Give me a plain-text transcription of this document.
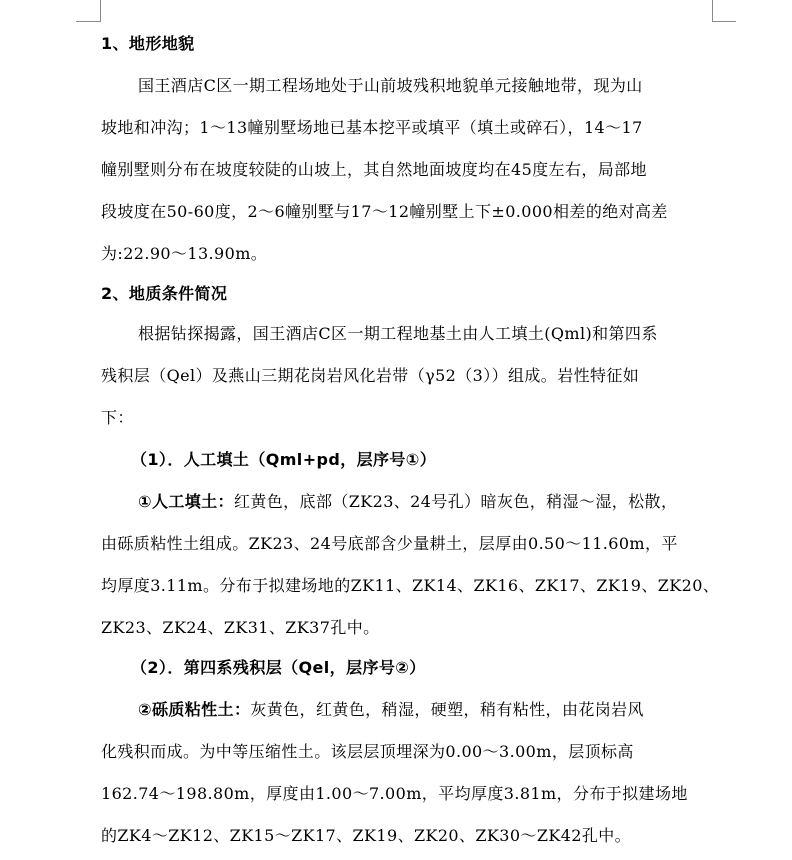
1、地形地貌
国王酒店C区一期工程场地处于山前坡残积地貌单元接触地带，现为山
坡地和冲沟；1～13幢别墅场地已基本挖平或填平（填土或碎石），14～17
幢别墅则分布在坡度较陡的山坡上，其自然地面坡度均在45度左右，局部地
段坡度在50-60度，2～6幢别墅与17～12幢别墅上下±0.000相差的绝对高差
为:22.90～13.90m。
2、地质条件简况
根据钻探揭露，国王酒店C区一期工程地基土由人工填土(Qml)和第四系
残积层（Qel）及燕山三期花岗岩风化岩带（γ52（3））组成。岩性特征如
下：
（1）．人工填土（Qml+pd，层序号①）
①人工填土：红黄色，底部（ZK23、24号孔）暗灰色，稍湿～湿，松散，
由砾质粘性土组成。ZK23、24号底部含少量耕土，层厚由0.50～11.60m，平
均厚度3.11m。分布于拟建场地的ZK11、ZK14、ZK16、ZK17、ZK19、ZK20、
ZK23、ZK24、ZK31、ZK37孔中。
（2）．第四系残积层（Qel，层序号②）
②砾质粘性土：灰黄色，红黄色，稍湿，硬塑，稍有粘性，由花岗岩风
化残积而成。为中等压缩性土。该层层顶埋深为0.00～3.00m，层顶标高
162.74～198.80m，厚度由1.00～7.00m，平均厚度3.81m，分布于拟建场地
的ZK4～ZK12、ZK15～ZK17、ZK19、ZK20、ZK30～ZK42孔中。
